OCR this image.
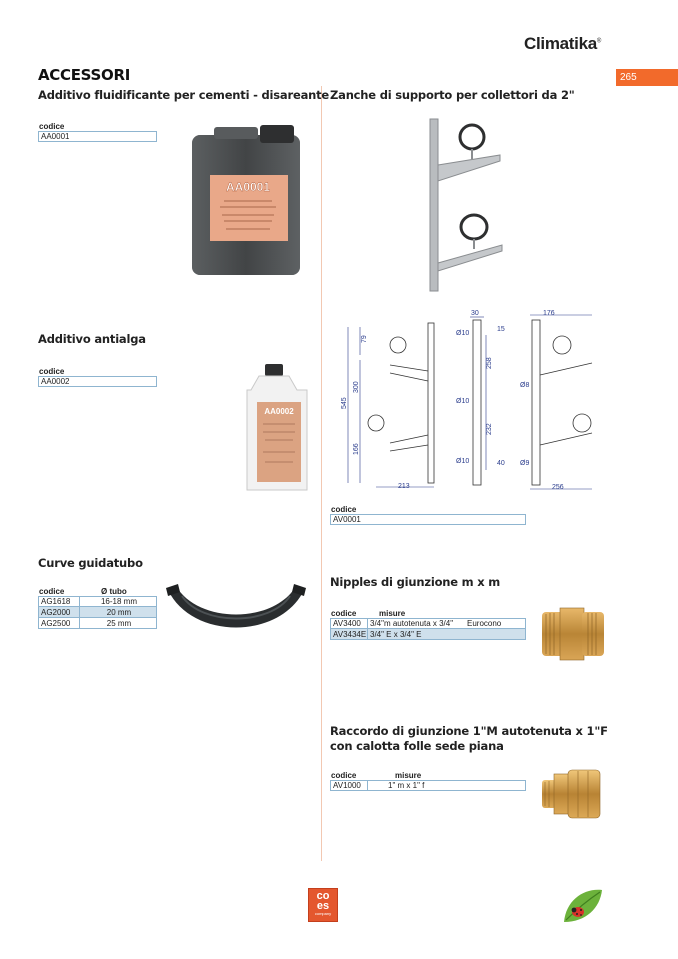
Climatika®
ACCESSORI	265
Additivo fluidificante per cementi - disareante
codice
AA0001
AA0001
Additivo antialga
codice
AA0002
AA0002
Curve guidatubo
codice	Ø tubo
AG1618	16-18 mm
AG2000	20 mm
AG2500	25 mm
Zanche di supporto per collettori da 2"
79
300
545
166
213
30
15
Ø10
258
Ø10
232
Ø10	40
176
Ø8
Ø9
256
codice
AV0001
Nipples di giunzione m x m
codice	misure
AV3400	3/4"m autotenuta x 3/4"	Eurocono
AV3434E 3/4" E x 3/4" E
Raccordo di giunzione 1"M autotenuta x 1"F con calotta folle sede piana
codice	misure
AV1000	1" m x 1" f
co
es
company
